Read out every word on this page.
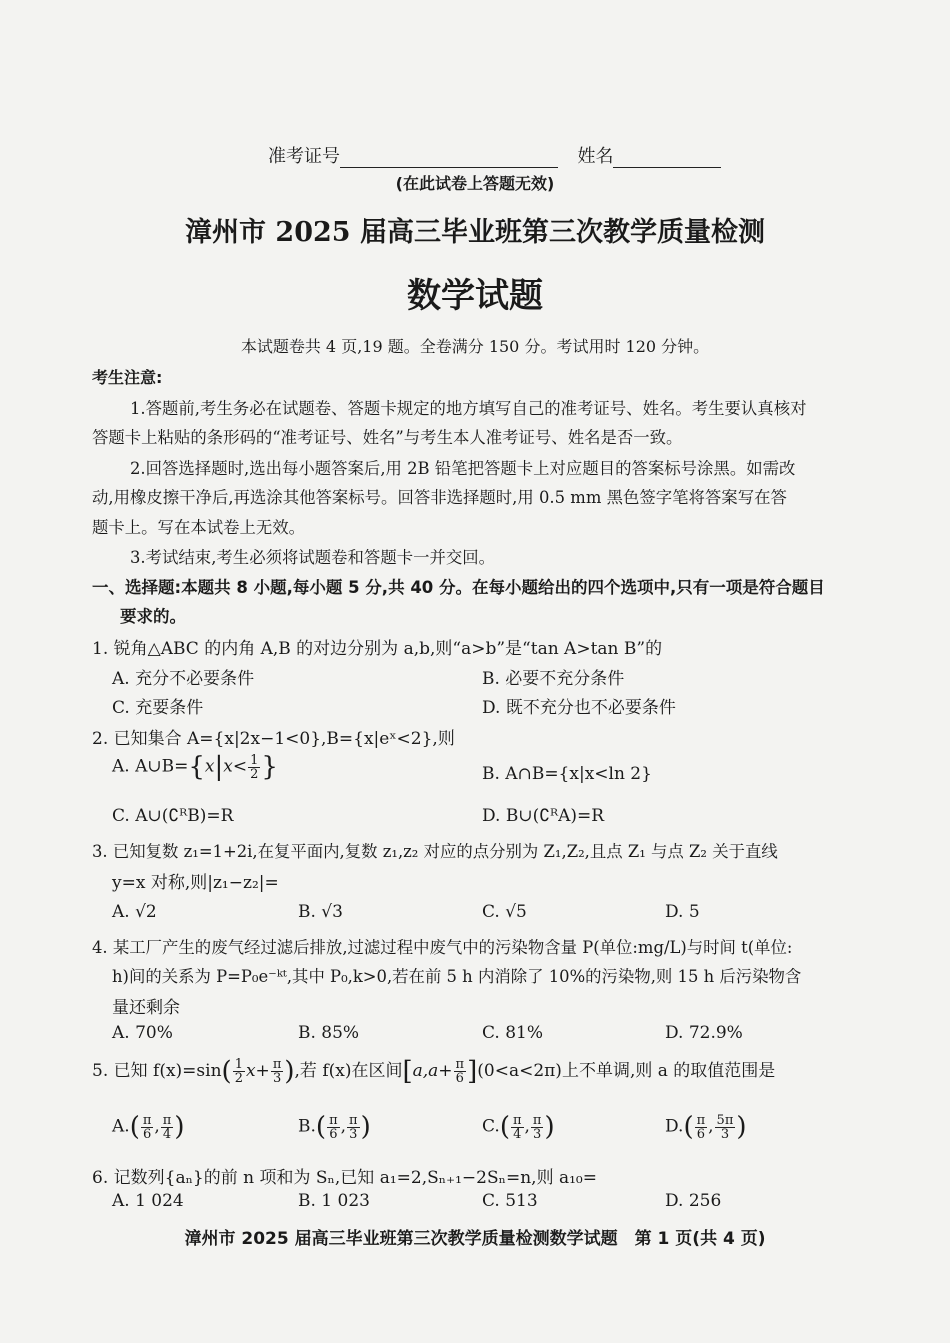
准考证号	姓名
(在此试卷上答题无效)
漳州市 2025 届高三毕业班第三次教学质量检测
数学试题
本试题卷共 4 页,19 题。全卷满分 150 分。考试用时 120 分钟。
考生注意:
1.答题前,考生务必在试题卷、答题卡规定的地方填写自己的准考证号、姓名。考生要认真核对
答题卡上粘贴的条形码的“准考证号、姓名”与考生本人准考证号、姓名是否一致。
2.回答选择题时,选出每小题答案后,用 2B 铅笔把答题卡上对应题目的答案标号涂黑。如需改
动,用橡皮擦干净后,再选涂其他答案标号。回答非选择题时,用 0.5 mm 黑色签字笔将答案写在答
题卡上。写在本试卷上无效。
3.考试结束,考生必须将试题卷和答题卡一并交回。
一、选择题:本题共 8 小题,每小题 5 分,共 40 分。在每小题给出的四个选项中,只有一项是符合题目
要求的。
1. 锐角△ABC 的内角 A,B 的对边分别为 a,b,则“a>b”是“tan A>tan B”的
A. 充分不必要条件	B. 必要不充分条件
C. 充要条件	D. 既不充分也不必要条件
2. 已知集合 A={x|2x−1<0},B={x|eˣ<2},则
A. A∪B={x|x< $\frac{1}{2}$ }	B. A∩B={x|x<ln 2}
C. A∪(∁ᴿB)=R	D. B∪(∁ᴿA)=R
3. 已知复数 z₁=1+2i,在复平面内,复数 z₁,z₂ 对应的点分别为 Z₁,Z₂,且点 Z₁ 与点 Z₂ 关于直线
y=x 对称,则|z₁−z₂|=
A. √2	B. √3	C. √5	D. 5
4. 某工厂产生的废气经过滤后排放,过滤过程中废气中的污染物含量 P(单位:mg/L)与时间 t(单位:
h)间的关系为 P=P₀e⁻ᵏᵗ,其中 P₀,k>0,若在前 5 h 内消除了 10%的污染物,则 15 h 后污染物含
量还剩余
A. 70%	B. 85%	C. 81%	D. 72.9%
5. 已知 $f(x)=\sin( \frac{1}{2} x+ \frac{\pi}{3}$ ),若 f(x)在区间$[a,a+ \frac{\pi}{6} ](0<a<2\pi)$上不单调,则 a 的取值范围是
$A.( \frac{\pi}{6}$ , $\frac{\pi}{4}$ )	$B.( \frac{\pi}{6}$ , $\frac{\pi}{3}$ )	$C.( \frac{\pi}{4}$ , $\frac{\pi}{3}$ )	$D.( \frac{\pi}{6}$ , $\frac{5\pi}{3}$ )
6. 记数列{aₙ}的前 n 项和为 Sₙ,已知 a₁=2,Sₙ₊₁−2Sₙ=n,则 a₁₀=
A. 1 024	B. 1 023	C. 513	D. 256
漳州市 2025 届高三毕业班第三次教学质量检测数学试题　第 1 页(共 4 页)
